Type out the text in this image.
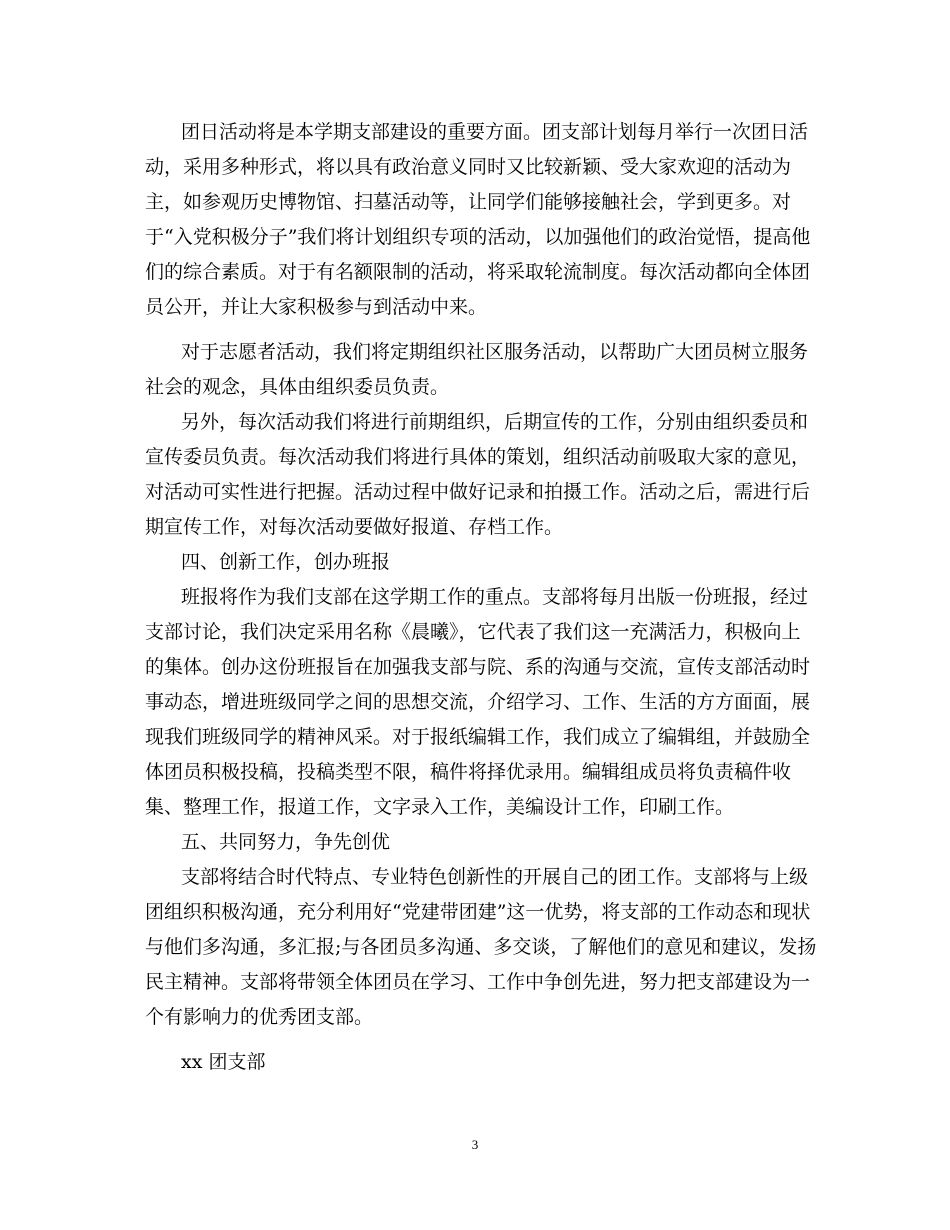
团日活动将是本学期支部建设的重要方面。团支部计划每月举行一次团日活
动，采用多种形式，将以具有政治意义同时又比较新颖、受大家欢迎的活动为
主，如参观历史博物馆、扫墓活动等，让同学们能够接触社会，学到更多。对
于“入党积极分子”我们将计划组织专项的活动，以加强他们的政治觉悟，提高他
们的综合素质。对于有名额限制的活动，将采取轮流制度。每次活动都向全体团
员公开，并让大家积极参与到活动中来。
对于志愿者活动，我们将定期组织社区服务活动，以帮助广大团员树立服务
社会的观念，具体由组织委员负责。
另外，每次活动我们将进行前期组织，后期宣传的工作，分别由组织委员和
宣传委员负责。每次活动我们将进行具体的策划，组织活动前吸取大家的意见，
对活动可实性进行把握。活动过程中做好记录和拍摄工作。活动之后，需进行后
期宣传工作，对每次活动要做好报道、存档工作。
四、创新工作，创办班报
班报将作为我们支部在这学期工作的重点。支部将每月出版一份班报，经过
支部讨论，我们决定采用名称《晨曦》，它代表了我们这一充满活力，积极向上
的集体。创办这份班报旨在加强我支部与院、系的沟通与交流，宣传支部活动时
事动态，增进班级同学之间的思想交流，介绍学习、工作、生活的方方面面，展
现我们班级同学的精神风采。对于报纸编辑工作，我们成立了编辑组，并鼓励全
体团员积极投稿，投稿类型不限，稿件将择优录用。编辑组成员将负责稿件收
集、整理工作，报道工作，文字录入工作，美编设计工作，印刷工作。
五、共同努力，争先创优
支部将结合时代特点、专业特色创新性的开展自己的团工作。支部将与上级
团组织积极沟通，充分利用好“党建带团建”这一优势，将支部的工作动态和现状
与他们多沟通，多汇报;与各团员多沟通、多交谈，了解他们的意见和建议，发扬
民主精神。支部将带领全体团员在学习、工作中争创先进，努力把支部建设为一
个有影响力的优秀团支部。
xx 团支部
3
